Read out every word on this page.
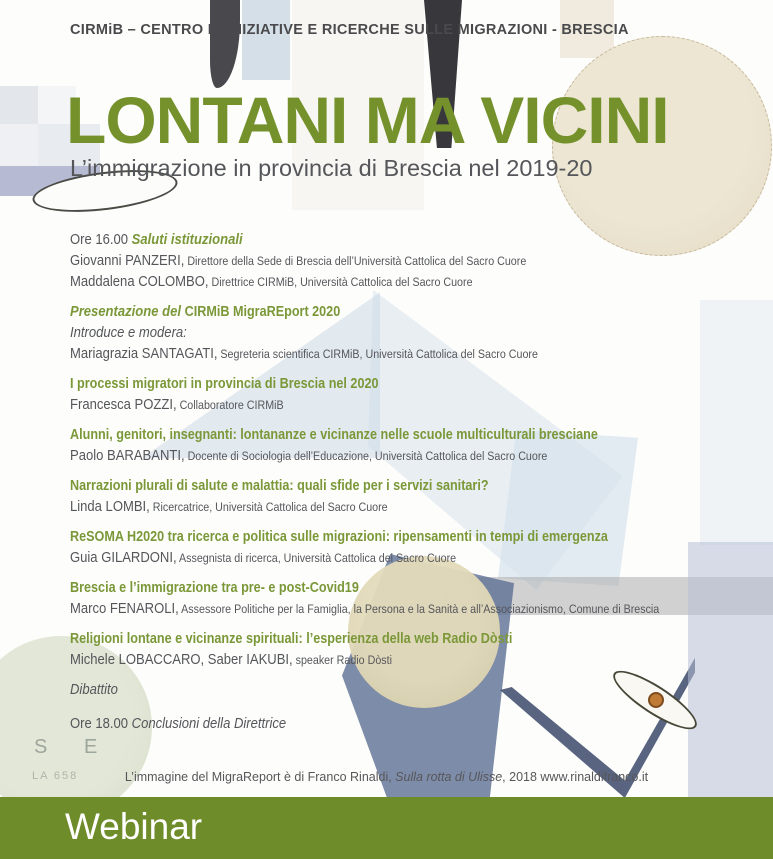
S E
LA 658
CIRMiB – CENTRO DI INIZIATIVE E RICERCHE SULLE MIGRAZIONI - BRESCIA
LONTANI MA VICINI
L’immigrazione in provincia di Brescia nel 2019-20
Ore 16.00 Saluti istituzionali
Giovanni PANZERI, Direttore della Sede di Brescia dell’Università Cattolica del Sacro Cuore
Maddalena COLOMBO, Direttrice CIRMiB, Università Cattolica del Sacro Cuore
Presentazione del CIRMiB MigraREport 2020
Introduce e modera:
Mariagrazia SANTAGATI, Segreteria scientifica CIRMiB, Università Cattolica del Sacro Cuore
I processi migratori in provincia di Brescia nel 2020
Francesca POZZI, Collaboratore CIRMiB
Alunni, genitori, insegnanti: lontananze e vicinanze nelle scuole multiculturali bresciane
Paolo BARABANTI, Docente di Sociologia dell’Educazione, Università Cattolica del Sacro Cuore
Narrazioni plurali di salute e malattia: quali sfide per i servizi sanitari?
Linda LOMBI, Ricercatrice, Università Cattolica del Sacro Cuore
ReSOMA H2020 tra ricerca e politica sulle migrazioni: ripensamenti in tempi di emergenza
Guia GILARDONI, Assegnista di ricerca, Università Cattolica del Sacro Cuore
Brescia e l’immigrazione tra pre- e post-Covid19
Marco FENAROLI, Assessore Politiche per la Famiglia, la Persona e la Sanità e all’Associazionismo, Comune di Brescia
Religioni lontane e vicinanze spirituali: l’esperienza della web Radio Dòsti
Michele LOBACCARO, Saber IAKUBI, speaker Radio Dòsti
Dibattito
Ore 18.00 Conclusioni della Direttrice
L’immagine del MigraReport è di Franco Rinaldi, Sulla rotta di Ulisse, 2018 www.rinaldifranco.it
Webinar
